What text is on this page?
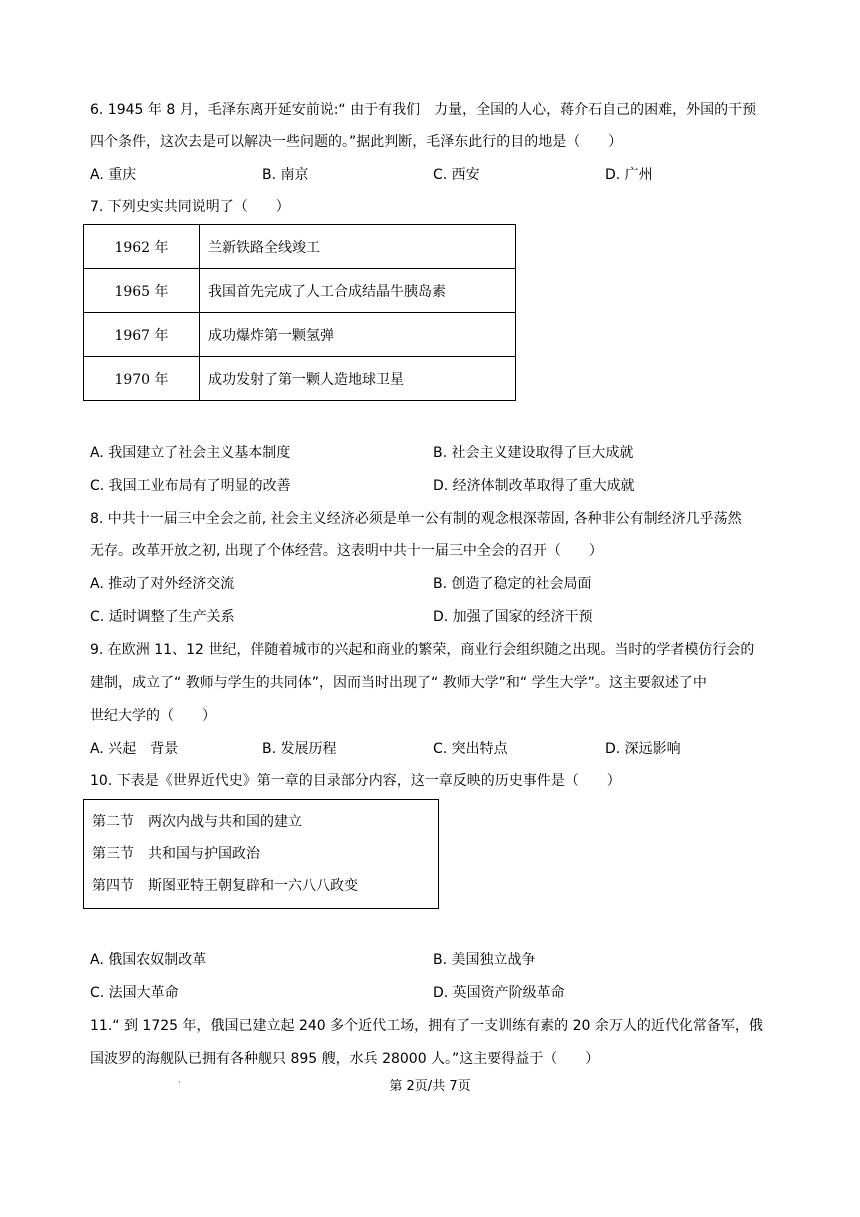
6. 1945 年 8 月，毛泽东离开延安前说:“ 由于有我们　力量，全国的人心，蒋介石自己的困难，外国的干预
四个条件，这次去是可以解决一些问题的。”据此判断，毛泽东此行的目的地是（　　）
A. 重庆	B. 南京	C. 西安	D. 广州
7. 下列史实共同说明了（　　）
1962 年	兰新铁路全线竣工
1965 年	我国首先完成了人工合成结晶牛胰岛素
1967 年	成功爆炸第一颗氢弹
1970 年	成功发射了第一颗人造地球卫星
A. 我国建立了社会主义基本制度	B. 社会主义建设取得了巨大成就
C. 我国工业布局有了明显的改善	D. 经济体制改革取得了重大成就
8. 中共十一届三中全会之前, 社会主义经济必须是单一公有制的观念根深蒂固, 各种非公有制经济几乎荡然
无存。改革开放之初, 出现了个体经营。这表明中共十一届三中全会的召开（　　）
A. 推动了对外经济交流	B. 创造了稳定的社会局面
C. 适时调整了生产关系	D. 加强了国家的经济干预
9. 在欧洲 11、12 世纪，伴随着城市的兴起和商业的繁荣，商业行会组织随之出现。当时的学者模仿行会的
建制，成立了“ 教师与学生的共同体”，因而当时出现了“ 教师大学”和“ 学生大学”。这主要叙述了中
世纪大学的（　　）
A. 兴起　背景	B. 发展历程	C. 突出特点	D. 深远影响
10. 下表是《世界近代史》第一章的目录部分内容，这一章反映的历史事件是（　　）
第二节　两次内战与共和国的建立
第三节　共和国与护国政治
第四节　斯图亚特王朝复辟和一六八八政变
A. 俄国农奴制改革	B. 美国独立战争
C. 法国大革命	D. 英国资产阶级革命
11.“ 到 1725 年，俄国已建立起 240 多个近代工场，拥有了一支训练有素的 20 余万人的近代化常备军，俄
国波罗的海舰队已拥有各种舰只 895 艘，水兵 28000 人。”这主要得益于（　　）
·	第 2页/共 7页
